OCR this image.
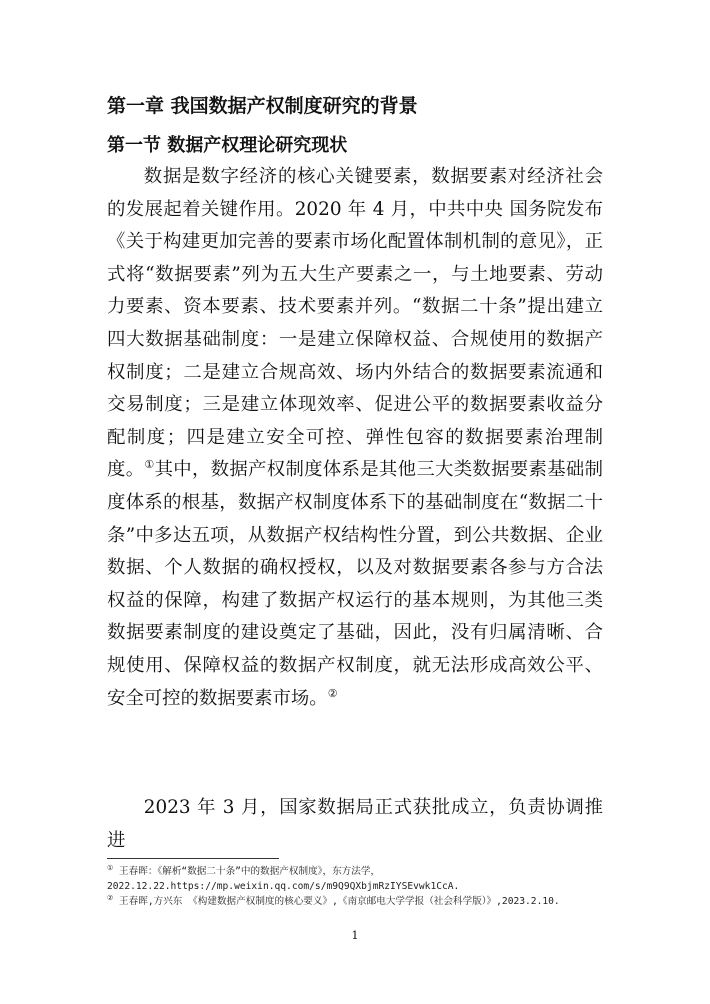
第一章 我国数据产权制度研究的背景
第一节 数据产权理论研究现状

数据是数字经济的核心关键要素，数据要素对经济社会的发展起着关键作用。2020 年 4 月，中共中央 国务院发布《关于构建更加完善的要素市场化配置体制机制的意见》，正式将“数据要素”列为五大生产要素之一，与土地要素、劳动力要素、资本要素、技术要素并列。“数据二十条”提出建立四大数据基础制度：一是建立保障权益、合规使用的数据产权制度；二是建立合规高效、场内外结合的数据要素流通和交易制度；三是建立体现效率、促进公平的数据要素收益分配制度；四是建立安全可控、弹性包容的数据要素治理制度。①其中，数据产权制度体系是其他三大类数据要素基础制度体系的根基，数据产权制度体系下的基础制度在“数据二十条”中多达五项，从数据产权结构性分置，到公共数据、企业数据、个人数据的确权授权，以及对数据要素各参与方合法权益的保障，构建了数据产权运行的基本规则，为其他三类数据要素制度的建设奠定了基础，因此，没有归属清晰、合规使用、保障权益的数据产权制度，就无法形成高效公平、安全可控的数据要素市场。②

2023 年 3 月，国家数据局正式获批成立，负责协调推进

① 王春晖：《解析“数据二十条”中的数据产权制度》，东方法学，

2022.12.22.https://mp.weixin.qq.com/s/m9Q9QXbjmRzIYSEvwk1CcA.

② 王春晖,方兴东 《构建数据产权制度的核心要义》,《南京邮电大学学报（社会科学版）》,2023.2.10.

1
